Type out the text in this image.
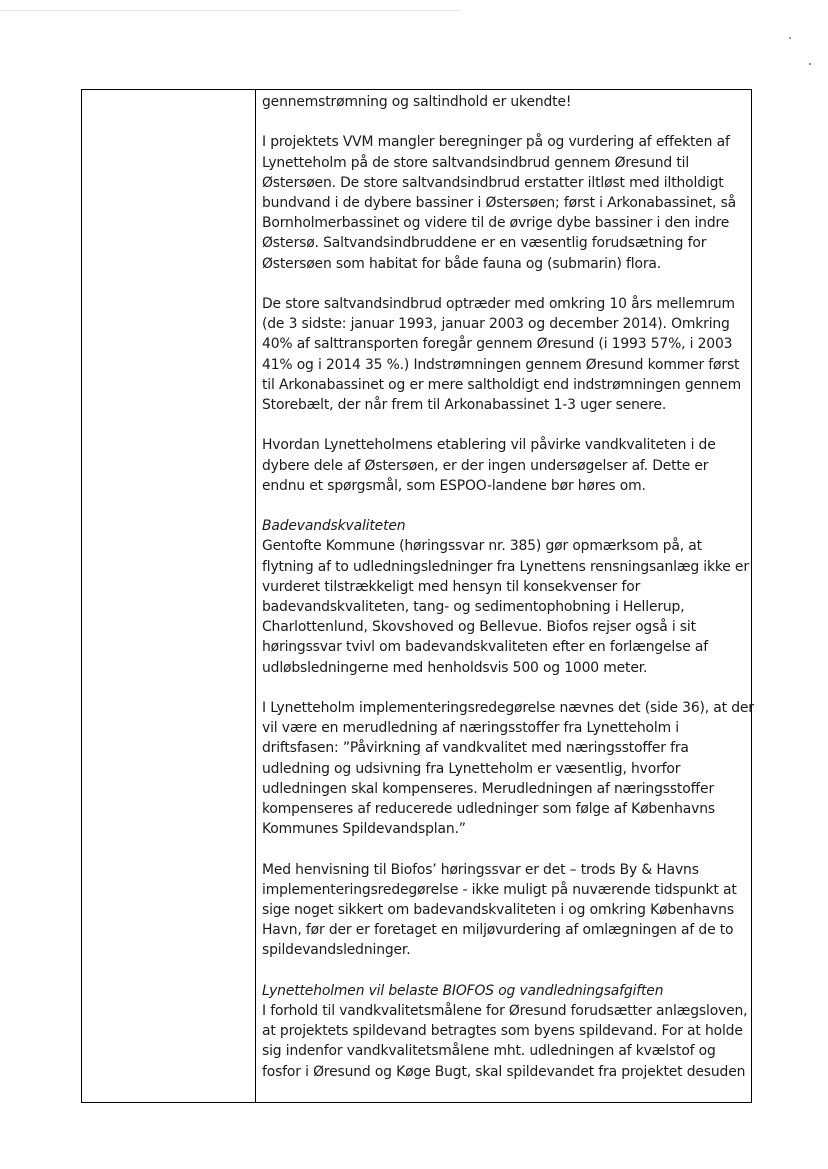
gennemstrømning og saltindhold er ukendte!

I projektets VVM mangler beregninger på og vurdering af effekten af Lynetteholm på de store saltvandsindbrud gennem Øresund til Østersøen. De store saltvandsindbrud erstatter iltløst med iltholdigt bundvand i de dybere bassiner i Østersøen; først i Arkonabassinet, så Bornholmerbassinet og videre til de øvrige dybe bassiner i den indre Østersø. Saltvandsindbruddene er en væsentlig forudsætning for Østersøen som habitat for både fauna og (submarin) flora.

De store saltvandsindbrud optræder med omkring 10 års mellemrum (de 3 sidste: januar 1993, januar 2003 og december 2014). Omkring 40% af salttransporten foregår gennem Øresund (i 1993 57%, i 2003 41% og i 2014 35 %.) Indstrømningen gennem Øresund kommer først til Arkonabassinet og er mere saltholdigt end indstrømningen gennem Storebælt, der når frem til Arkonabassinet 1-3 uger senere.

Hvordan Lynetteholmens etablering vil påvirke vandkvaliteten i de dybere dele af Østersøen, er der ingen undersøgelser af. Dette er endnu et spørgsmål, som ESPOO-landene bør høres om.

Badevandskvaliteten

Gentofte Kommune (høringssvar nr. 385) gør opmærksom på, at flytning af to udledningsledninger fra Lynettens rensningsanlæg ikke er vurderet tilstrækkeligt med hensyn til konsekvenser for badevandskvaliteten, tang- og sedimentophobning i Hellerup, Charlottenlund, Skovshoved og Bellevue. Biofos rejser også i sit høringssvar tvivl om badevandskvaliteten efter en forlængelse af udløbsledningerne med henholdsvis 500 og 1000 meter.

I Lynetteholm implementeringsredegørelse nævnes det (side 36), at der vil være en merudledning af næringsstoffer fra Lynetteholm i driftsfasen: ”Påvirkning af vandkvalitet med næringsstoffer fra udledning og udsivning fra Lynetteholm er væsentlig, hvorfor udledningen skal kompenseres. Merudledningen af næringsstoffer kompenseres af reducerede udledninger som følge af Københavns Kommunes Spildevandsplan.”

Med henvisning til Biofos’ høringssvar er det – trods By & Havns implementeringsredegørelse - ikke muligt på nuværende tidspunkt at sige noget sikkert om badevandskvaliteten i og omkring Københavns Havn, før der er foretaget en miljøvurdering af omlægningen af de to spildevandsledninger.

Lynetteholmen vil belaste BIOFOS og vandledningsafgiften

I forhold til vandkvalitetsmålene for Øresund forudsætter anlægsloven, at projektets spildevand betragtes som byens spildevand. For at holde sig indenfor vandkvalitetsmålene mht. udledningen af kvælstof og fosfor i Øresund og Køge Bugt, skal spildevandet fra projektet desuden
